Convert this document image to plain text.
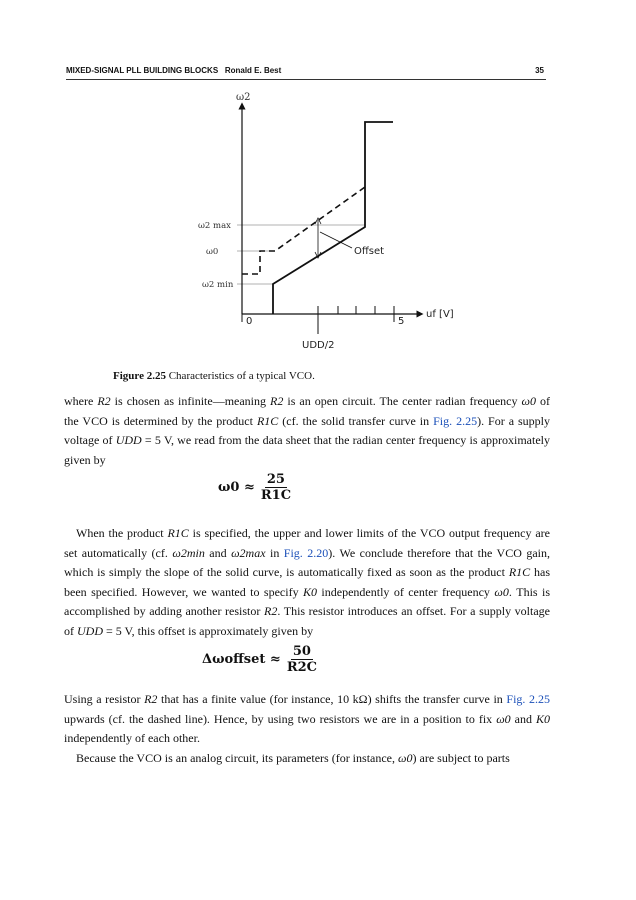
MIXED-SIGNAL PLL BUILDING BLOCKS Ronald E. Best	35
ω2
ω2 max
ω0
ω2 min
Offset
0	5
uf [V]
UDD/2
Figure 2.25 Characteristics of a typical VCO.

where R2 is chosen as infinite—meaning R2 is an open circuit. The center radian frequency ω0 of the VCO is determined by the product R1C (cf. the solid transfer curve in Fig. 2.25). For a supply voltage of UDD = 5 V, we read from the data sheet that the radian center frequency is approximately given by

$\omega 0 \approx \frac{25}{R1C}$

When the product R1C is specified, the upper and lower limits of the VCO output frequency are set automatically (cf. ω2min and ω2max in Fig. 2.20). We conclude therefore that the VCO gain, which is simply the slope of the solid curve, is automatically fixed as soon as the product R1C has been specified. However, we wanted to specify K0 independently of center frequency ω0. This is accomplished by adding another resistor R2. This resistor introduces an offset. For a supply voltage of UDD = 5 V, this offset is approximately given by

Δωoffset ≈ $\frac{50}{R2C}$

Using a resistor R2 that has a finite value (for instance, 10 kΩ) shifts the transfer curve in Fig. 2.25 upwards (cf. the dashed line). Hence, by using two resistors we are in a position to fix ω0 and K0 independently of each other.

Because the VCO is an analog circuit, its parameters (for instance, ω0) are subject to parts
